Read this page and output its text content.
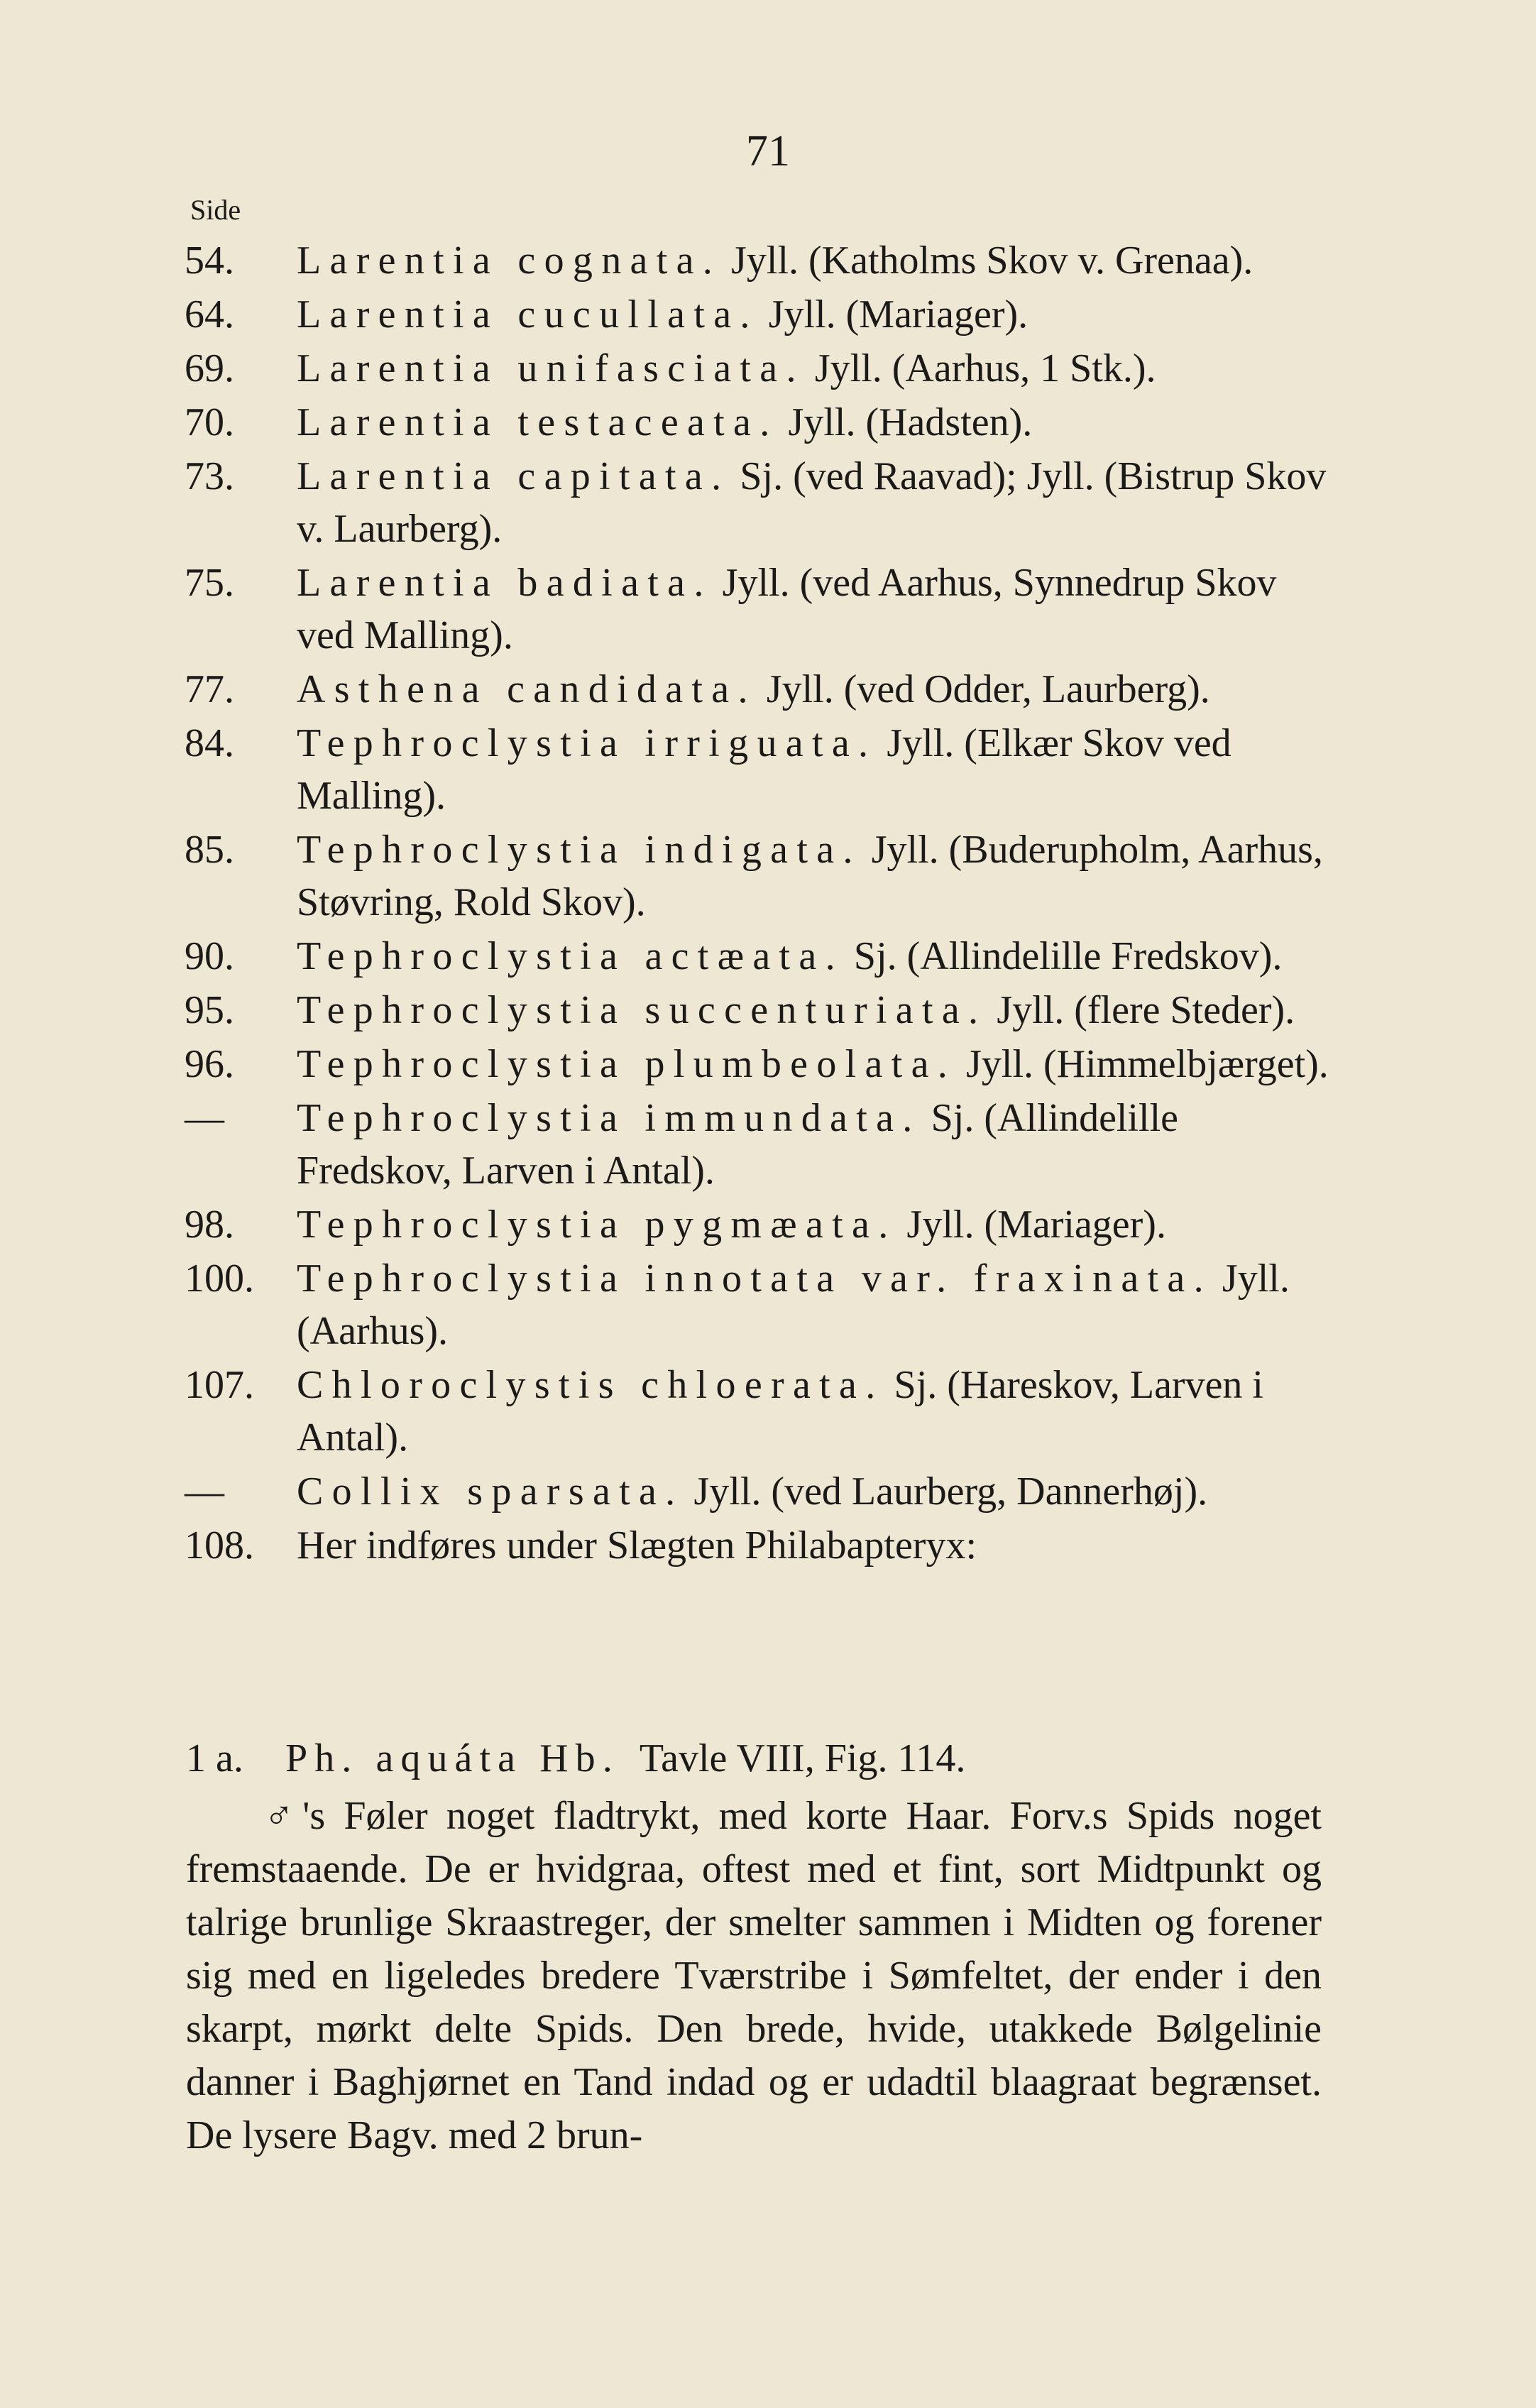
71
Side
54.	Larentia cognata. Jyll. (Katholms Skov v. Grenaa).
64.	Larentia cucullata. Jyll. (Mariager).
69.	Larentia unifasciata. Jyll. (Aarhus, 1 Stk.).
70.	Larentia testaceata. Jyll. (Hadsten).
73.	Larentia capitata. Sj. (ved Raavad); Jyll. (Bistrup Skov v. Laurberg).
75.	Larentia badiata. Jyll. (ved Aarhus, Synnedrup Skov ved Malling).
77.	Asthena candidata. Jyll. (ved Odder, Laurberg).
84.	Tephroclystia irriguata. Jyll. (Elkær Skov ved Malling).
85.	Tephroclystia indigata. Jyll. (Buderupholm, Aarhus, Støvring, Rold Skov).
90.	Tephroclystia actæata. Sj. (Allindelille Fredskov).
95.	Tephroclystia succenturiata. Jyll. (flere Steder).
96.	Tephroclystia plumbeolata. Jyll. (Himmelbjærget).
—	Tephroclystia immundata. Sj. (Allindelille Fredskov, Larven i Antal).
98.	Tephroclystia pygmæata. Jyll. (Mariager).
100.	Tephroclystia innotata var. fraxinata. Jyll. (Aarhus).
107.	Chloroclystis chloerata. Sj. (Hareskov, Larven i Antal).
—	Collix sparsata. Jyll. (ved Laurberg, Dannerhøj).
108.	Her indføres under Slægten Philabapteryx:
1 a. Ph. aquáta Hb. Tavle VIII, Fig. 114.
♂'s Føler noget fladtrykt, med korte Haar. Forv.s Spids noget fremstaaende. De er hvidgraa, oftest med et fint, sort Midtpunkt og talrige brunlige Skraastreger, der smelter sammen i Midten og forener sig med en ligeledes bredere Tværstribe i Sømfeltet, der ender i den skarpt, mørkt delte Spids. Den brede, hvide, utakkede Bølgelinie danner i Baghjørnet en Tand indad og er udadtil blaagraat begrænset. De lysere Bagv. med 2 brun-
